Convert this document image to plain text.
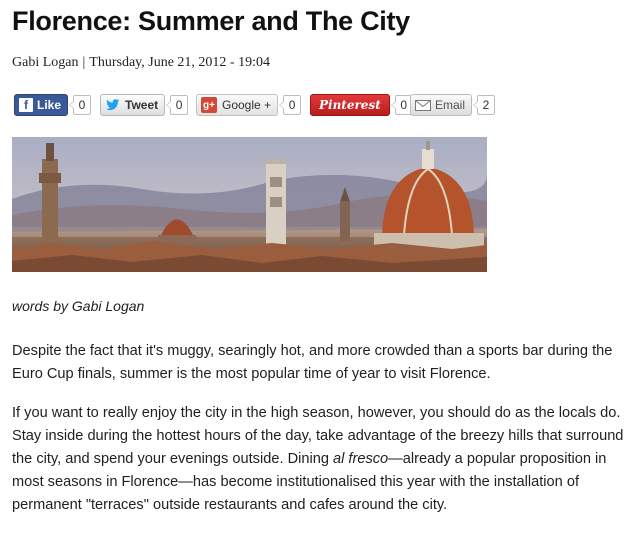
Florence: Summer and The City
Gabi Logan | Thursday, June 21, 2012 - 19:04
f Like	0	Tweet	0	g+ Google +	0	Pinterest	0	Email	2
words by Gabi Logan

Despite the fact that it's muggy, searingly hot, and more crowded than a sports bar during the Euro Cup finals, summer is the most popular time of year to visit Florence.

If you want to really enjoy the city in the high season, however, you should do as the locals do. Stay inside during the hottest hours of the day, take advantage of the breezy hills that surround the city, and spend your evenings outside. Dining al fresco—already a popular proposition in most seasons in Florence—has become institutionalised this year with the installation of permanent "terraces" outside restaurants and cafes around the city.
